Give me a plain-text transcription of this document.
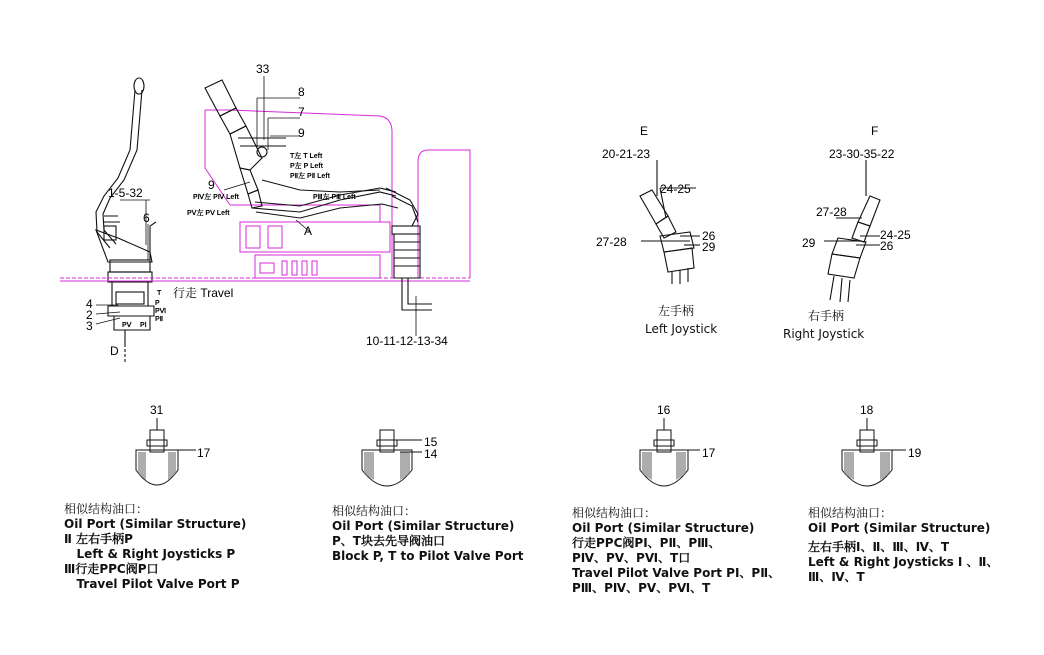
33
8
7
9
9
1-5-32
6
A
4
2
3
D
行走 Travel
T左 T Left
P左 P Left
PⅡ左 PⅡ Left
PⅣ左 PⅣ Left
PⅤ左 PⅤ Left
PⅢ左 PⅢ Left
T
P
PⅥ
PⅡ
PⅤ PⅠ
10-11-12-13-34
E
20-21-23
24-25
27-28	26
29
左手柄
Left Joystick
F
23-30-35-22
27-28
24-25
29	26
右手柄
Right Joystick
31
17
15
14
16
17
18
19
相似结构油口：
Oil Port (Similar Structure)
Ⅱ 左右手柄P
Left & Right Joysticks P
Ⅲ行走PPC阀P口
Travel Pilot Valve Port P
相似结构油口：
Oil Port (Similar Structure)
P、T块去先导阀油口
Block P, T to Pilot Valve Port
相似结构油口：
Oil Port (Similar Structure)
行走PPC阀PⅠ、PⅡ、PⅢ、
PⅣ、PⅤ、PⅥ、T口
Travel Pilot Valve Port PⅠ、PⅡ、
PⅢ、PⅣ、PⅤ、PⅥ、T
相似结构油口：
Oil Port (Similar Structure)
左右手柄Ⅰ、Ⅱ、Ⅲ、Ⅳ、T
Left & Right Joysticks Ⅰ 、Ⅱ、
Ⅲ、Ⅳ、T
